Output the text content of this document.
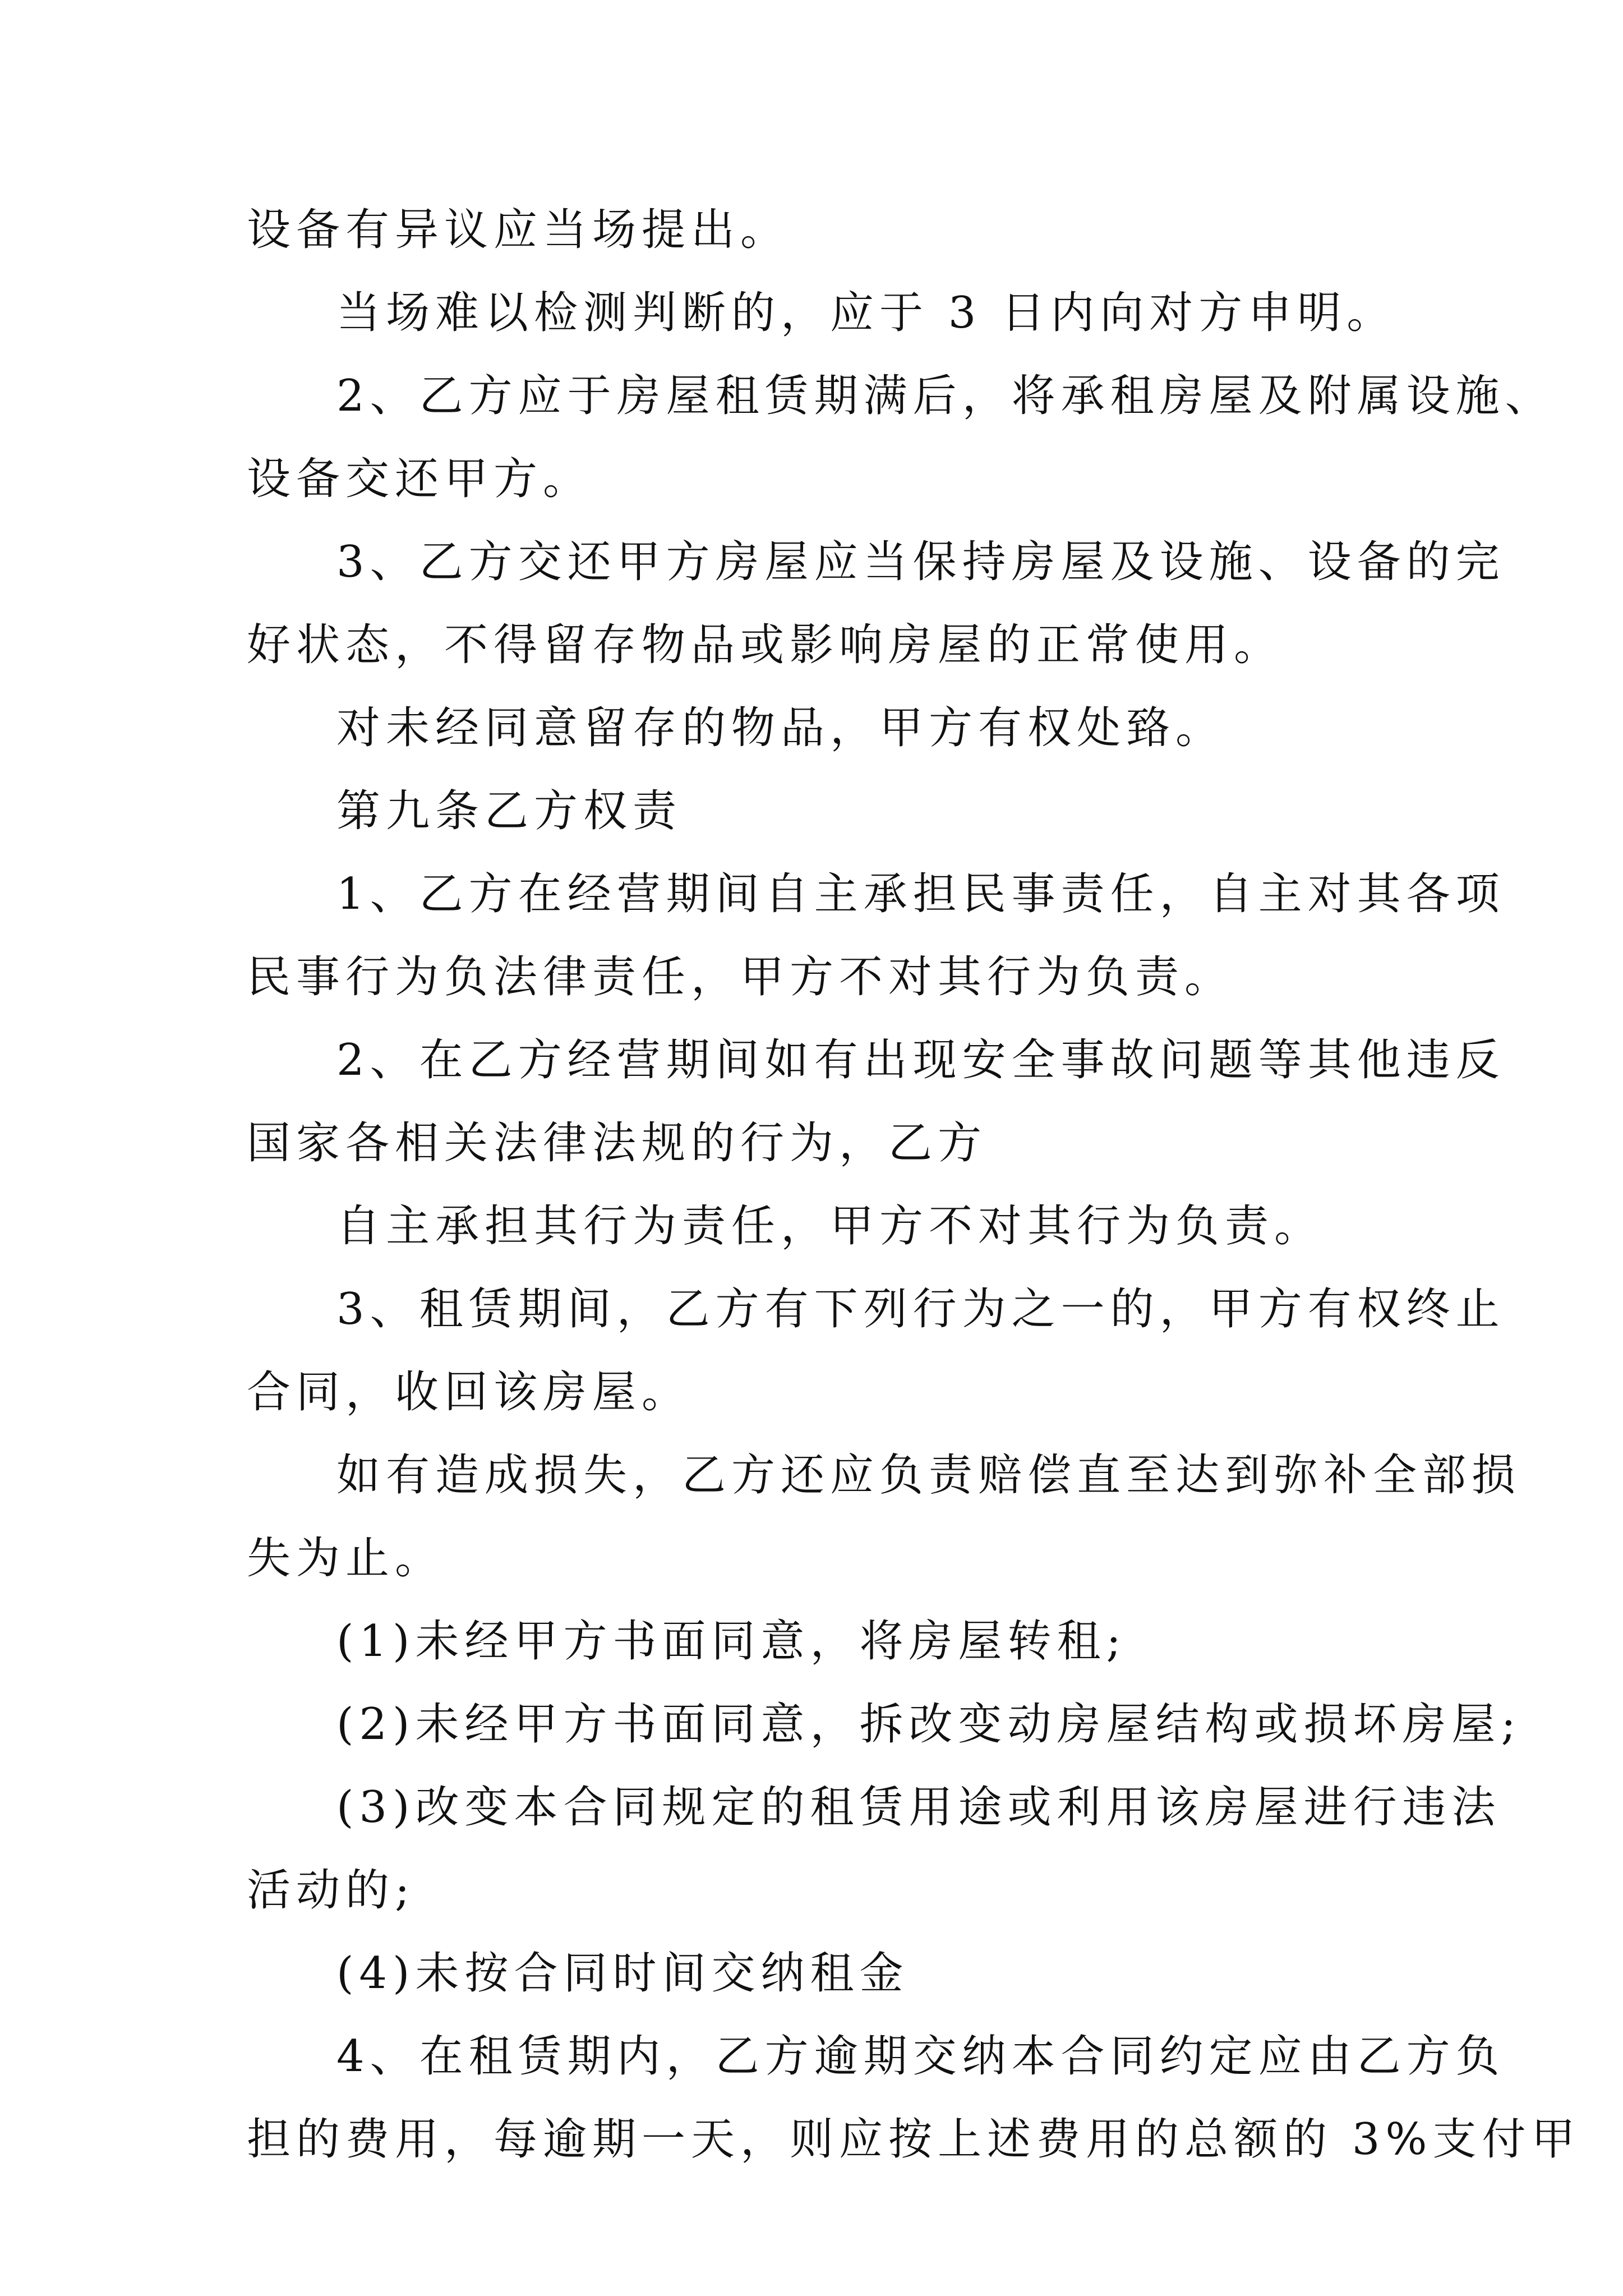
设备有异议应当场提出。
当场难以检测判断的，应于 3 日内向对方申明。
2、乙方应于房屋租赁期满后，将承租房屋及附属设施、
设备交还甲方。
3、乙方交还甲方房屋应当保持房屋及设施、设备的完
好状态，不得留存物品或影响房屋的正常使用。
对未经同意留存的物品，甲方有权处臵。
第九条乙方权责
1、乙方在经营期间自主承担民事责任，自主对其各项
民事行为负法律责任，甲方不对其行为负责。
2、在乙方经营期间如有出现安全事故问题等其他违反
国家各相关法律法规的行为，乙方
自主承担其行为责任，甲方不对其行为负责。
3、租赁期间，乙方有下列行为之一的，甲方有权终止
合同，收回该房屋。
如有造成损失，乙方还应负责赔偿直至达到弥补全部损
失为止。
(1)未经甲方书面同意，将房屋转租;
(2)未经甲方书面同意，拆改变动房屋结构或损坏房屋;
(3)改变本合同规定的租赁用途或利用该房屋进行违法
活动的;
(4)未按合同时间交纳租金
4、在租赁期内，乙方逾期交纳本合同约定应由乙方负
担的费用，每逾期一天，则应按上述费用的总额的 3%支付甲
